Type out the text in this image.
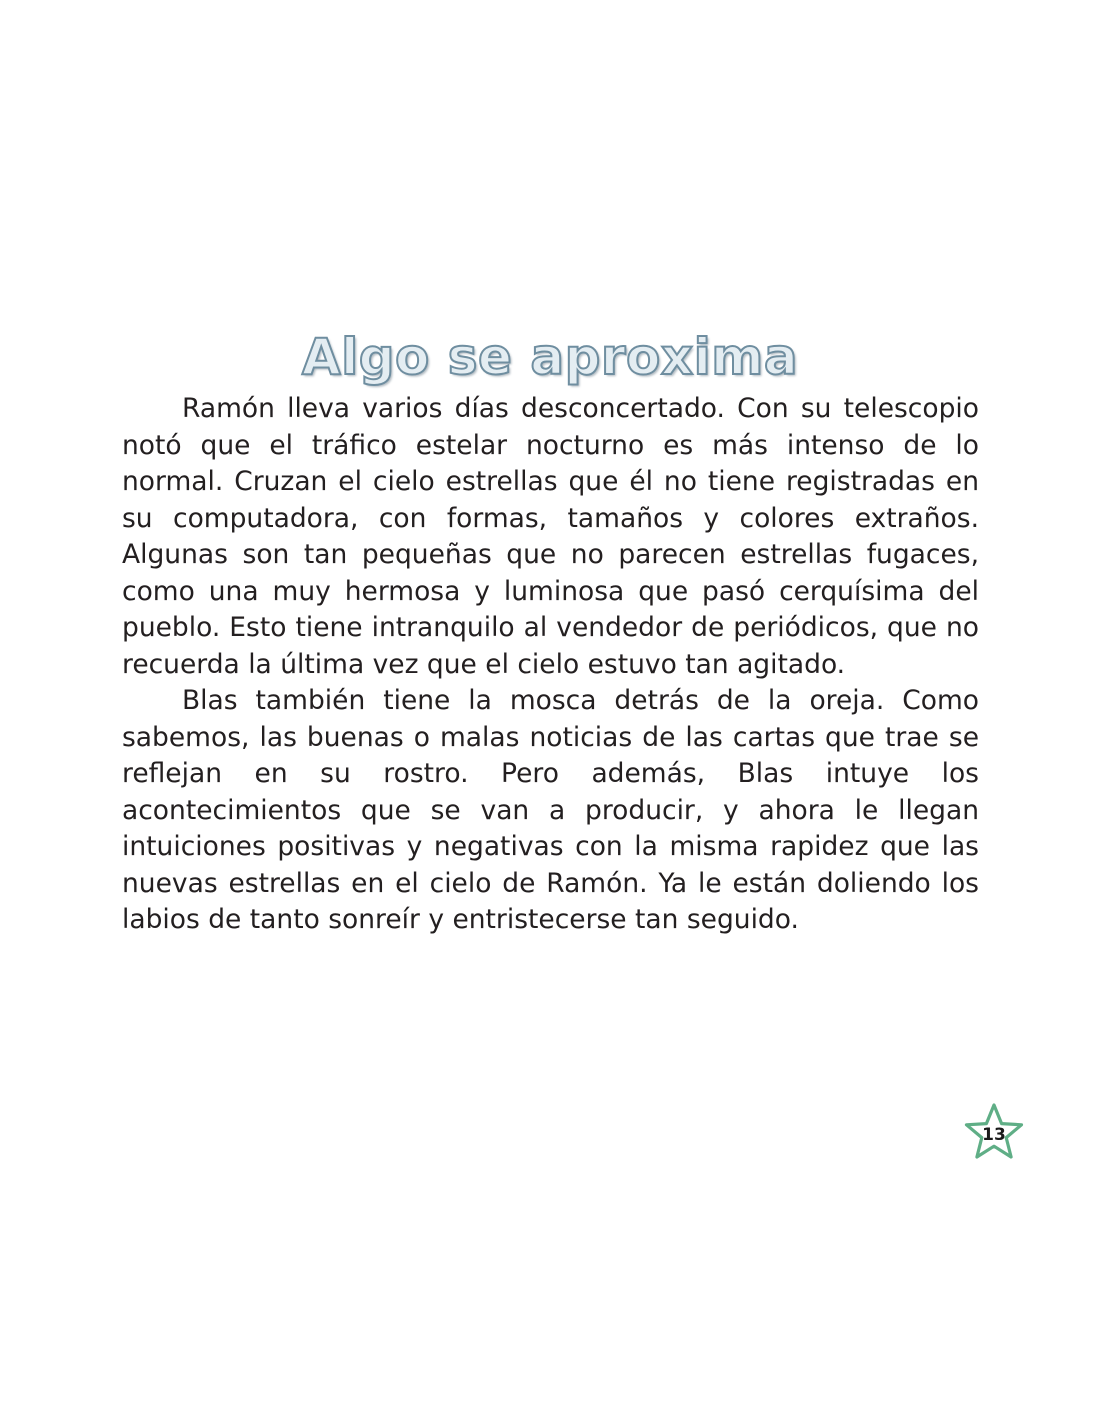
Algo se aproxima

Ramón lleva varios días desconcertado. Con su telescopio notó que el tráfico estelar nocturno es más intenso de lo normal. Cruzan el cielo estrellas que él no tiene registradas en su computadora, con formas, tamaños y colores extraños. Algunas son tan pequeñas que no parecen estrellas fugaces, como una muy hermosa y luminosa que pasó cerquísima del pueblo. Esto tiene intranquilo al vendedor de periódicos, que no recuerda la última vez que el cielo estuvo tan agitado.

Blas también tiene la mosca detrás de la oreja. Como sabemos, las buenas o malas noticias de las cartas que trae se reflejan en su rostro. Pero además, Blas intuye los acontecimientos que se van a producir, y ahora le llegan intuiciones positivas y negativas con la misma rapidez que las nuevas estrellas en el cielo de Ramón. Ya le están doliendo los labios de tanto sonreír y entristecerse tan seguido.

13
